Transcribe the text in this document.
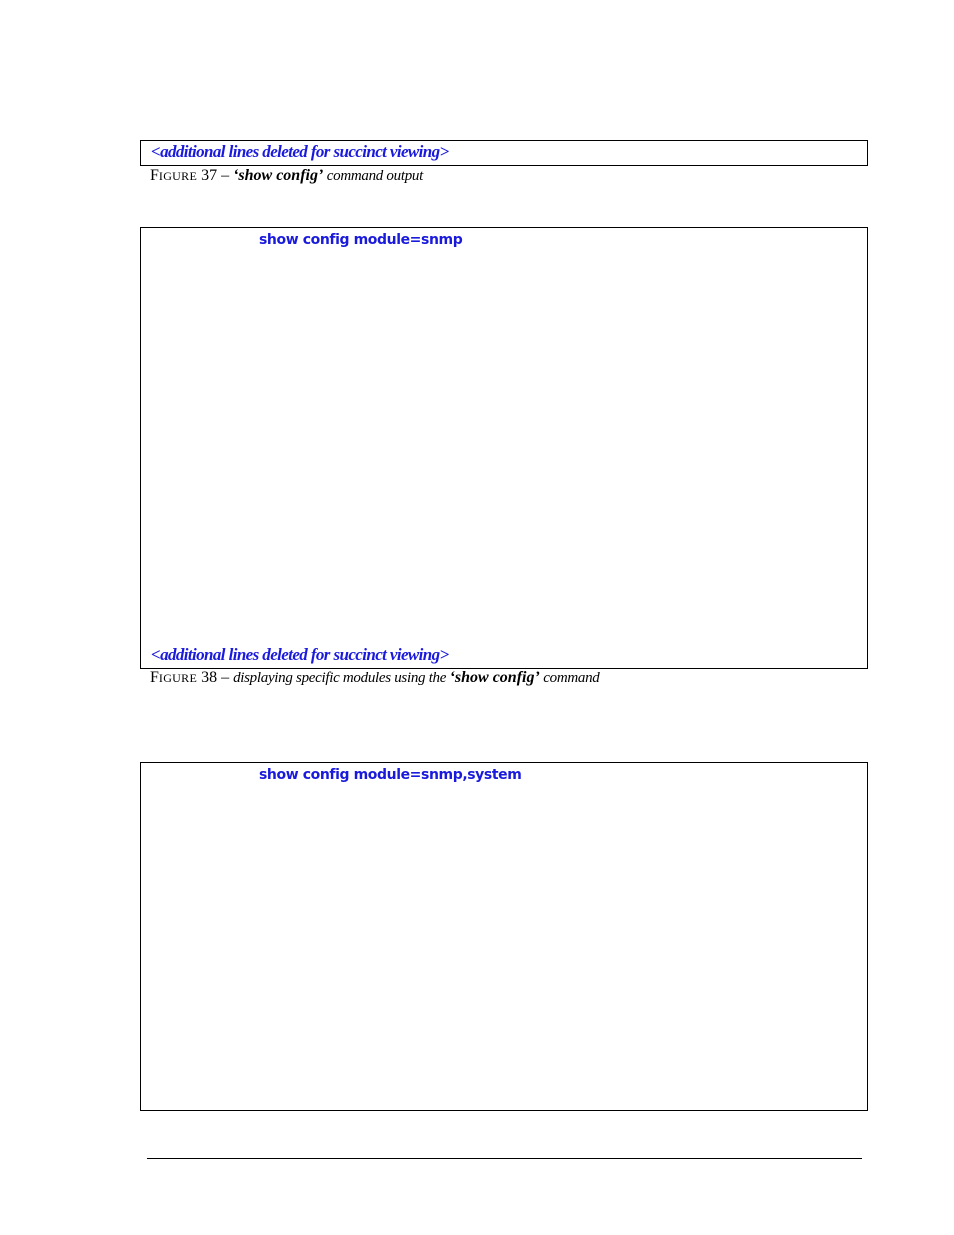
<additional lines deleted for succinct viewing>
FIGURE 37 – ‘show config’ command output
show config module=snmp
<additional lines deleted for succinct viewing>
FIGURE 38 – displaying specific modules using the ‘show config’ command
show config module=snmp,system
